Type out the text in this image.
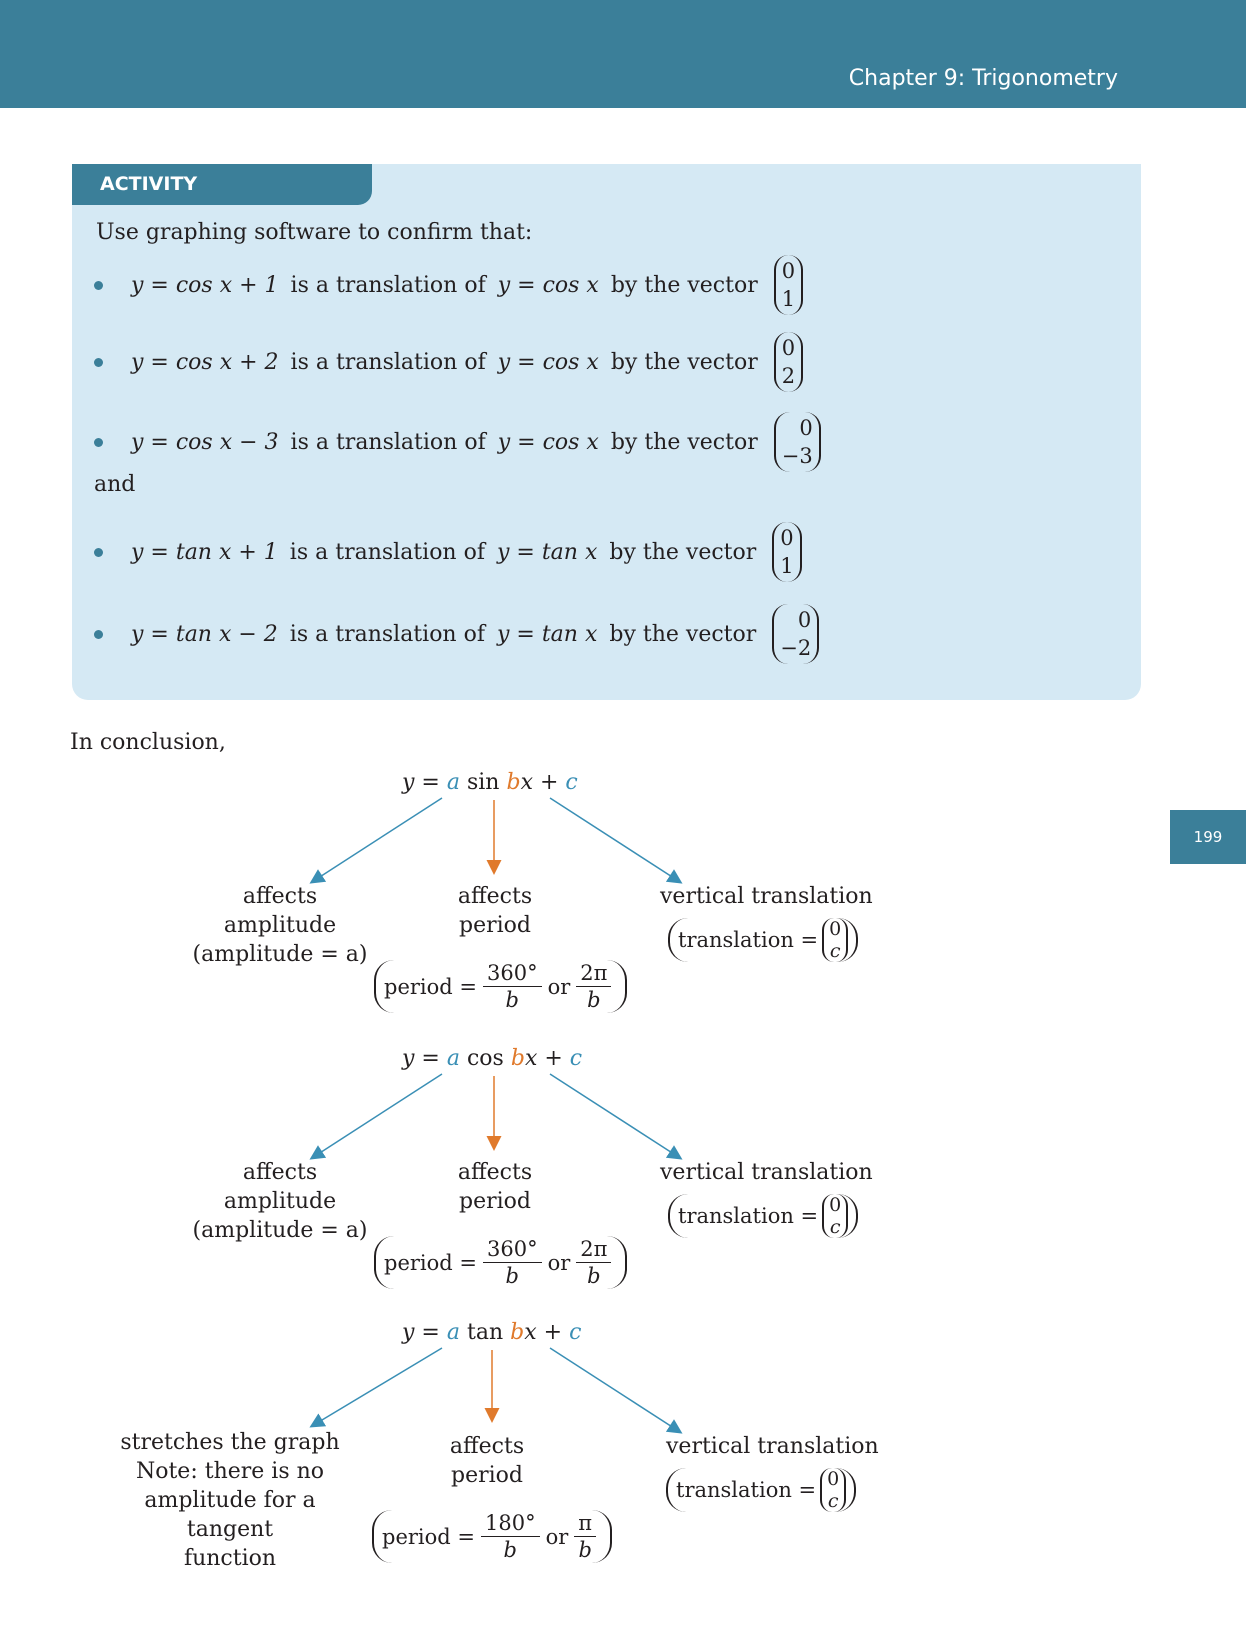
Chapter 9: Trigonometry
199
ACTIVITY
Use graphing software to confirm that:
y = cos x + 1 is a translation of y = cos x by the vector
0
1
y = cos x + 2 is a translation of y = cos x by the vector
0
2
y = cos x − 3 is a translation of y = cos x by the vector
0
−3
and
y = tan x + 1 is a translation of y = tan x by the vector
0
1
y = tan x − 2 is a translation of y = tan x by the vector
0
−2
In conclusion,
y = a sin bx + c
affects
amplitude
(amplitude = a)
affects
period
period = $\frac{360^\circ}{b}$ or $\frac{2\pi}{b}$
vertical translation
translation = 0
c
y = a cos bx + c
affects
amplitude
(amplitude = a)
affects
period
period = $\frac{360^\circ}{b}$ or $\frac{2\pi}{b}$
vertical translation
translation = 0
c
y = a tan bx + c
stretches the graph
Note: there is no
amplitude for a tangent
function
affects
period
period = $\frac{180^\circ}{b}$ or $\frac{\pi}{b}$
vertical translation
translation = 0
c
